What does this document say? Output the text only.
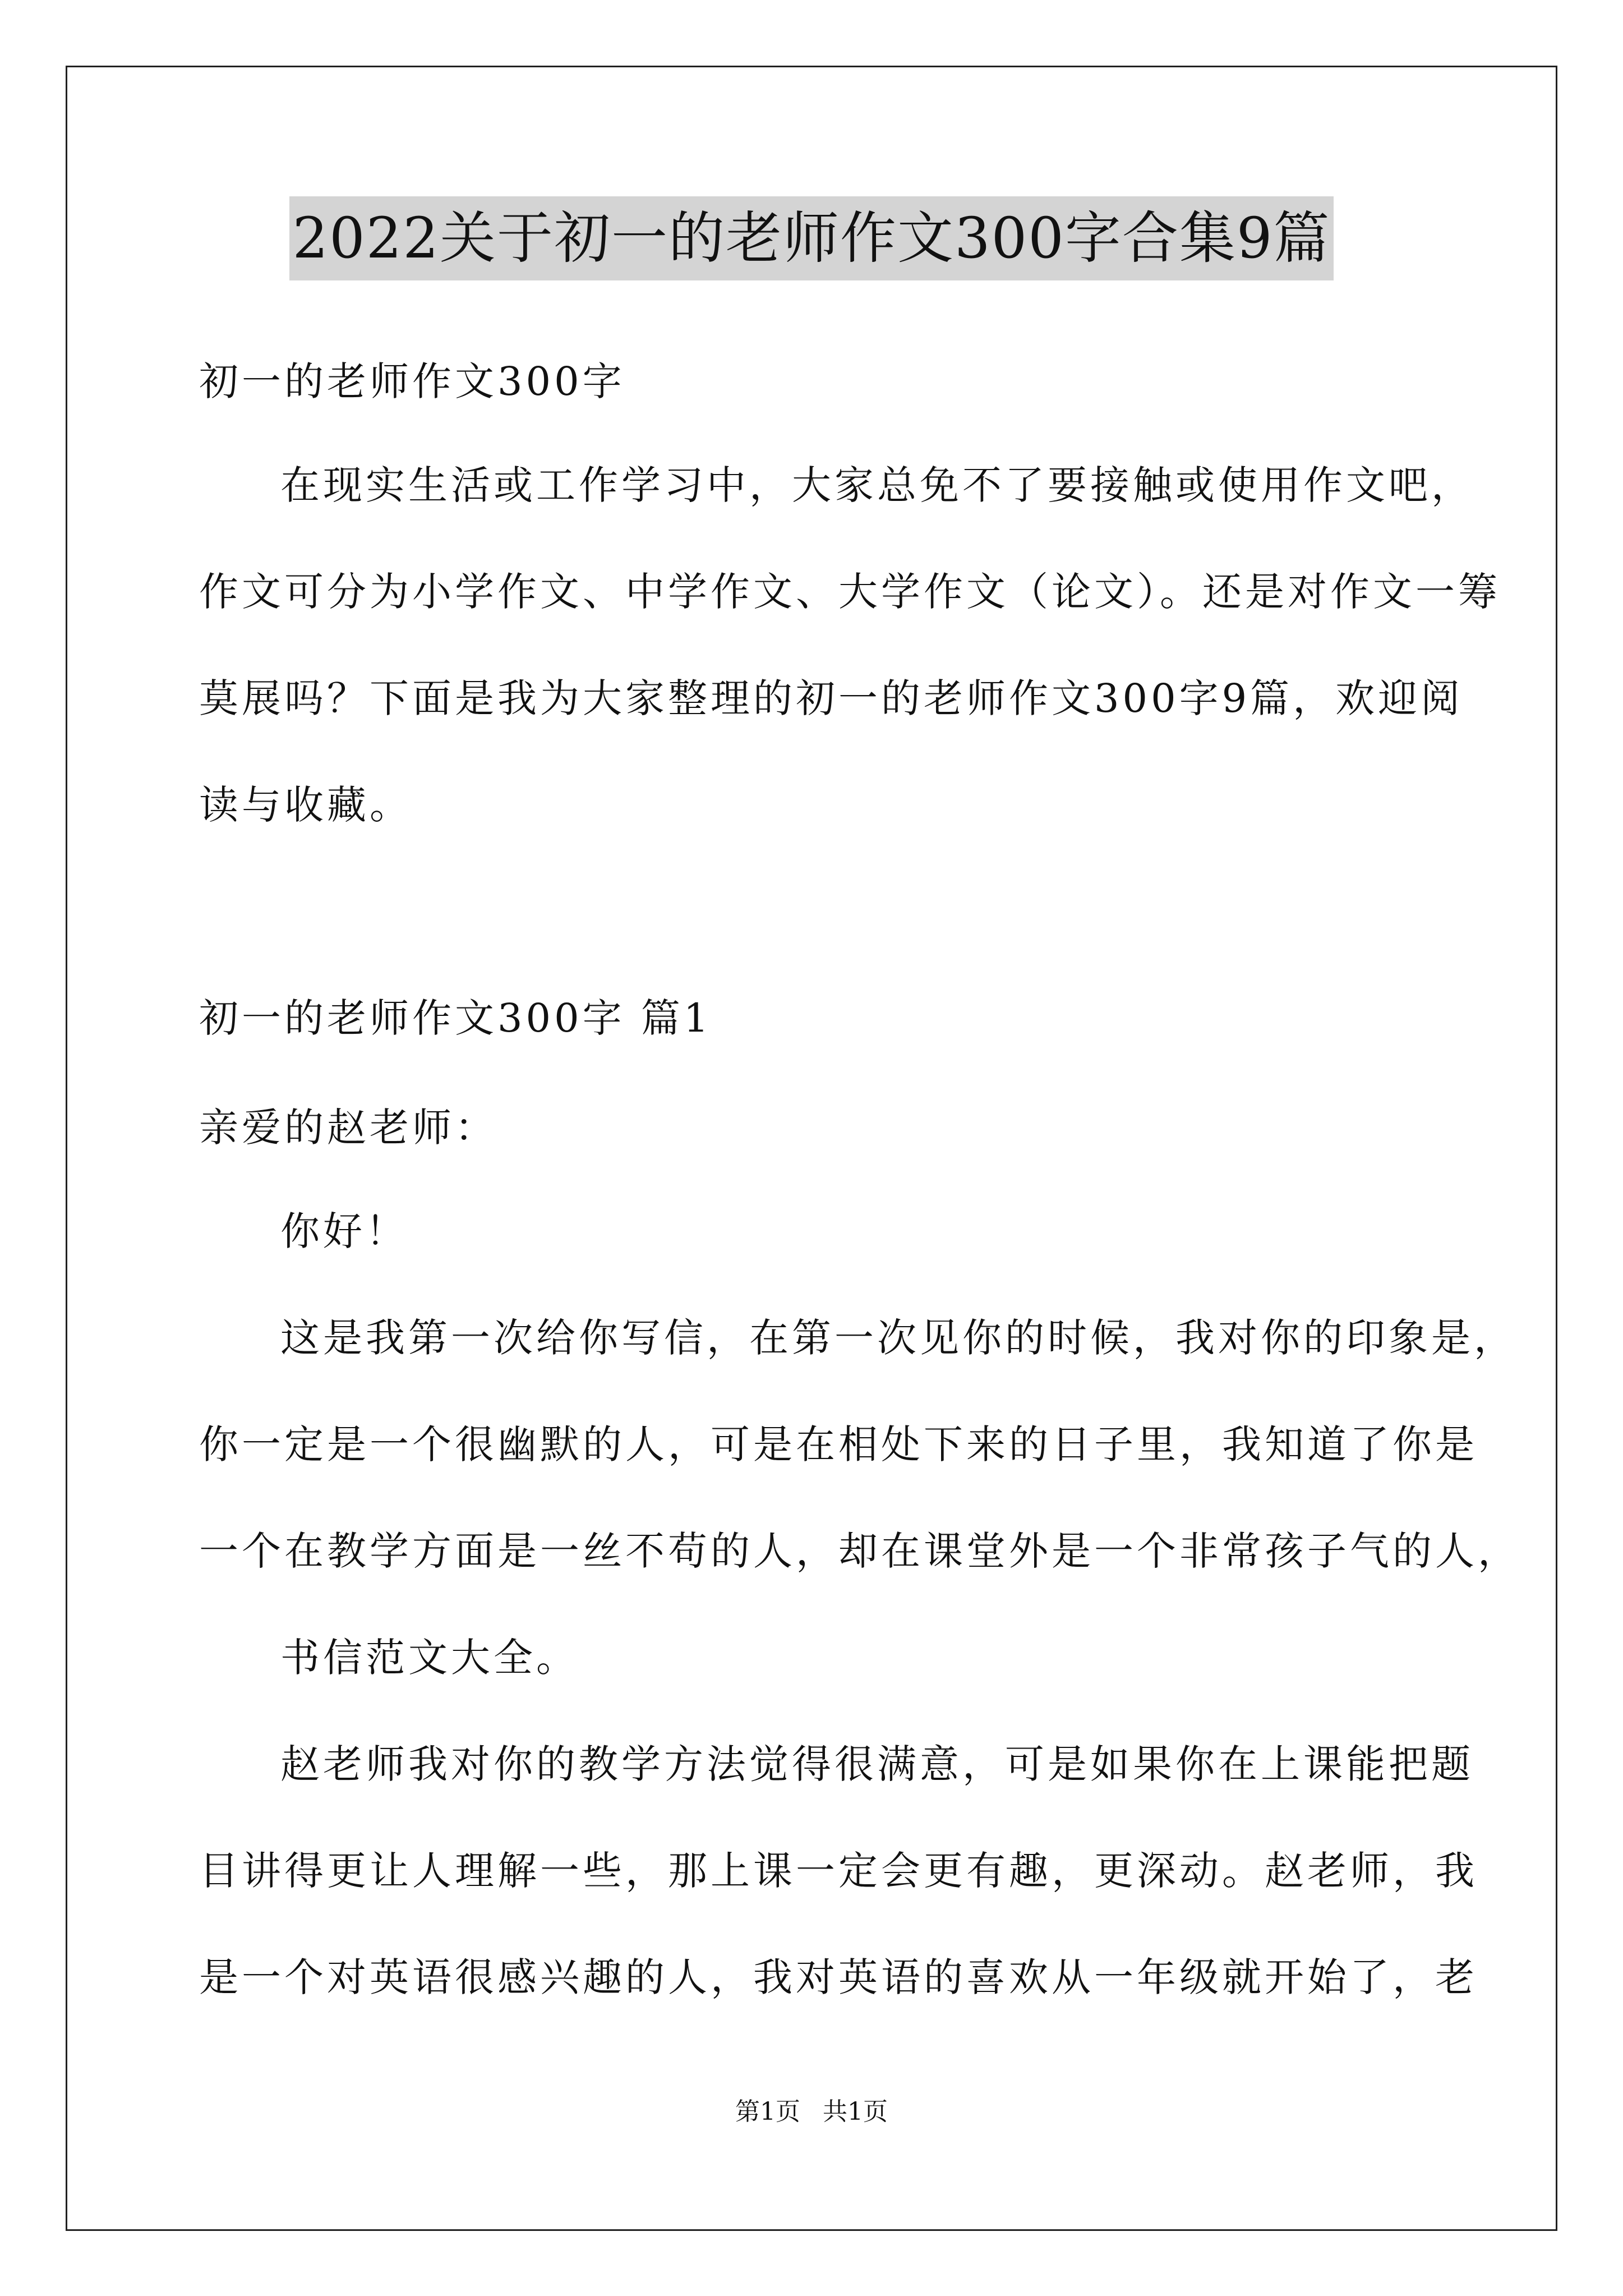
2022关于初一的老师作文300字合集9篇
初一的老师作文300字
在现实生活或工作学习中，大家总免不了要接触或使用作文吧，
作文可分为小学作文、中学作文、大学作文（论文）。还是对作文一筹
莫展吗？下面是我为大家整理的初一的老师作文300字9篇，欢迎阅
读与收藏。
初一的老师作文300字 篇1
亲爱的赵老师：
你好！
这是我第一次给你写信，在第一次见你的时候，我对你的印象是，
你一定是一个很幽默的人，可是在相处下来的日子里，我知道了你是
一个在教学方面是一丝不苟的人，却在课堂外是一个非常孩子气的人，
书信范文大全。
赵老师我对你的教学方法觉得很满意，可是如果你在上课能把题
目讲得更让人理解一些，那上课一定会更有趣，更深动。赵老师，我
是一个对英语很感兴趣的人，我对英语的喜欢从一年级就开始了，老
第1页 共1页
